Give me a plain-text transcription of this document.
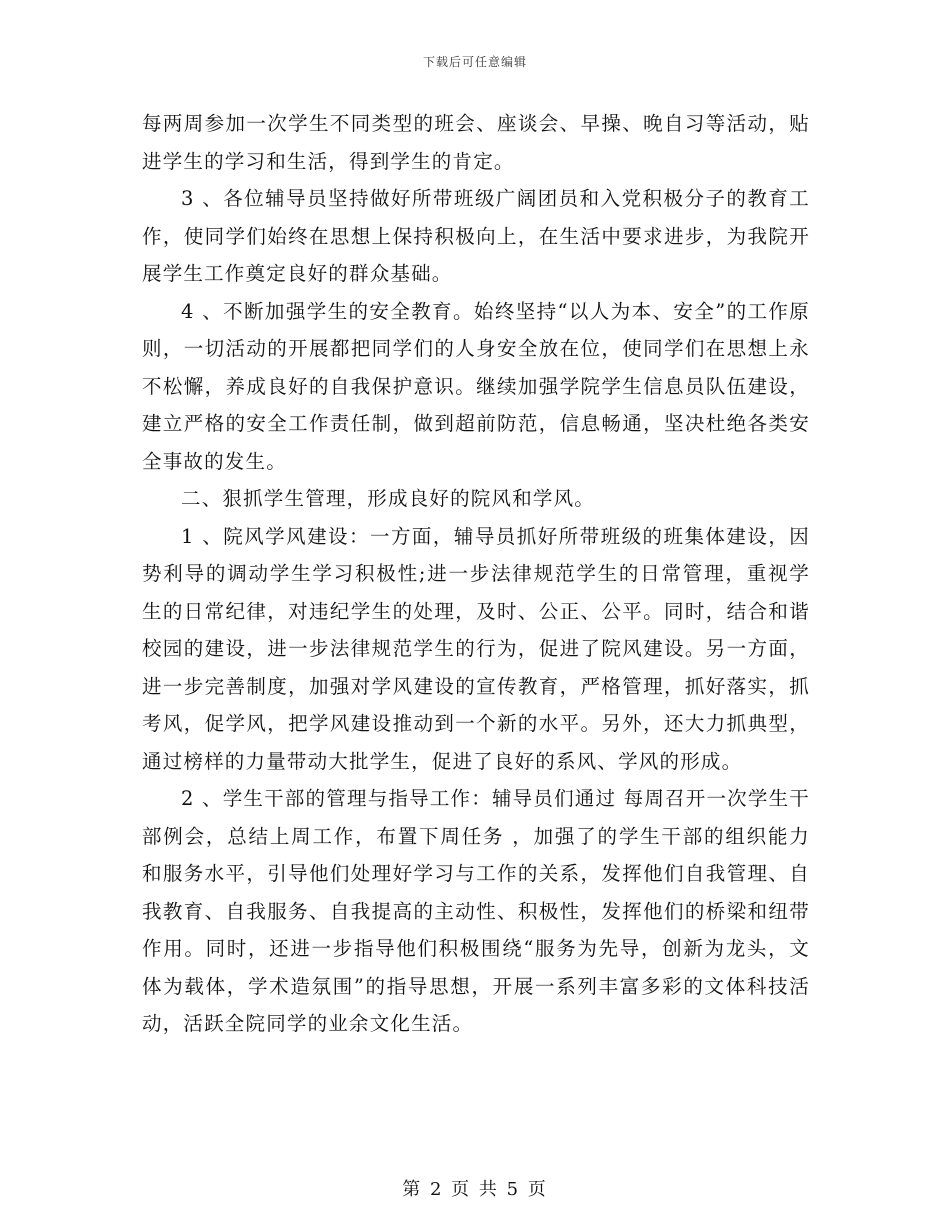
下载后可任意编辑

每两周参加一次学生不同类型的班会、座谈会、早操、晚自习等活动，贴进学生的学习和生活，得到学生的肯定。

3 、各位辅导员坚持做好所带班级广阔团员和入党积极分子的教育工作，使同学们始终在思想上保持积极向上，在生活中要求进步，为我院开展学生工作奠定良好的群众基础。

4 、不断加强学生的安全教育。始终坚持“以人为本、安全”的工作原则，一切活动的开展都把同学们的人身安全放在位，使同学们在思想上永不松懈，养成良好的自我保护意识。继续加强学院学生信息员队伍建设，建立严格的安全工作责任制，做到超前防范，信息畅通，坚决杜绝各类安全事故的发生。

二、狠抓学生管理，形成良好的院风和学风。

1 、院风学风建设：一方面，辅导员抓好所带班级的班集体建设，因势利导的调动学生学习积极性;进一步法律规范学生的日常管理，重视学生的日常纪律，对违纪学生的处理，及时、公正、公平。同时，结合和谐校园的建设，进一步法律规范学生的行为，促进了院风建设。另一方面，进一步完善制度，加强对学风建设的宣传教育，严格管理，抓好落实，抓考风，促学风，把学风建设推动到一个新的水平。另外，还大力抓典型，通过榜样的力量带动大批学生，促进了良好的系风、学风的形成。

2 、学生干部的管理与指导工作：辅导员们通过 每周召开一次学生干部例会，总结上周工作，布置下周任务 ，加强了的学生干部的组织能力和服务水平，引导他们处理好学习与工作的关系，发挥他们自我管理、自我教育、自我服务、自我提高的主动性、积极性，发挥他们的桥梁和纽带作用。同时，还进一步指导他们积极围绕“服务为先导，创新为龙头，文体为载体，学术造氛围”的指导思想，开展一系列丰富多彩的文体科技活动，活跃全院同学的业余文化生活。

第 2 页 共 5 页
